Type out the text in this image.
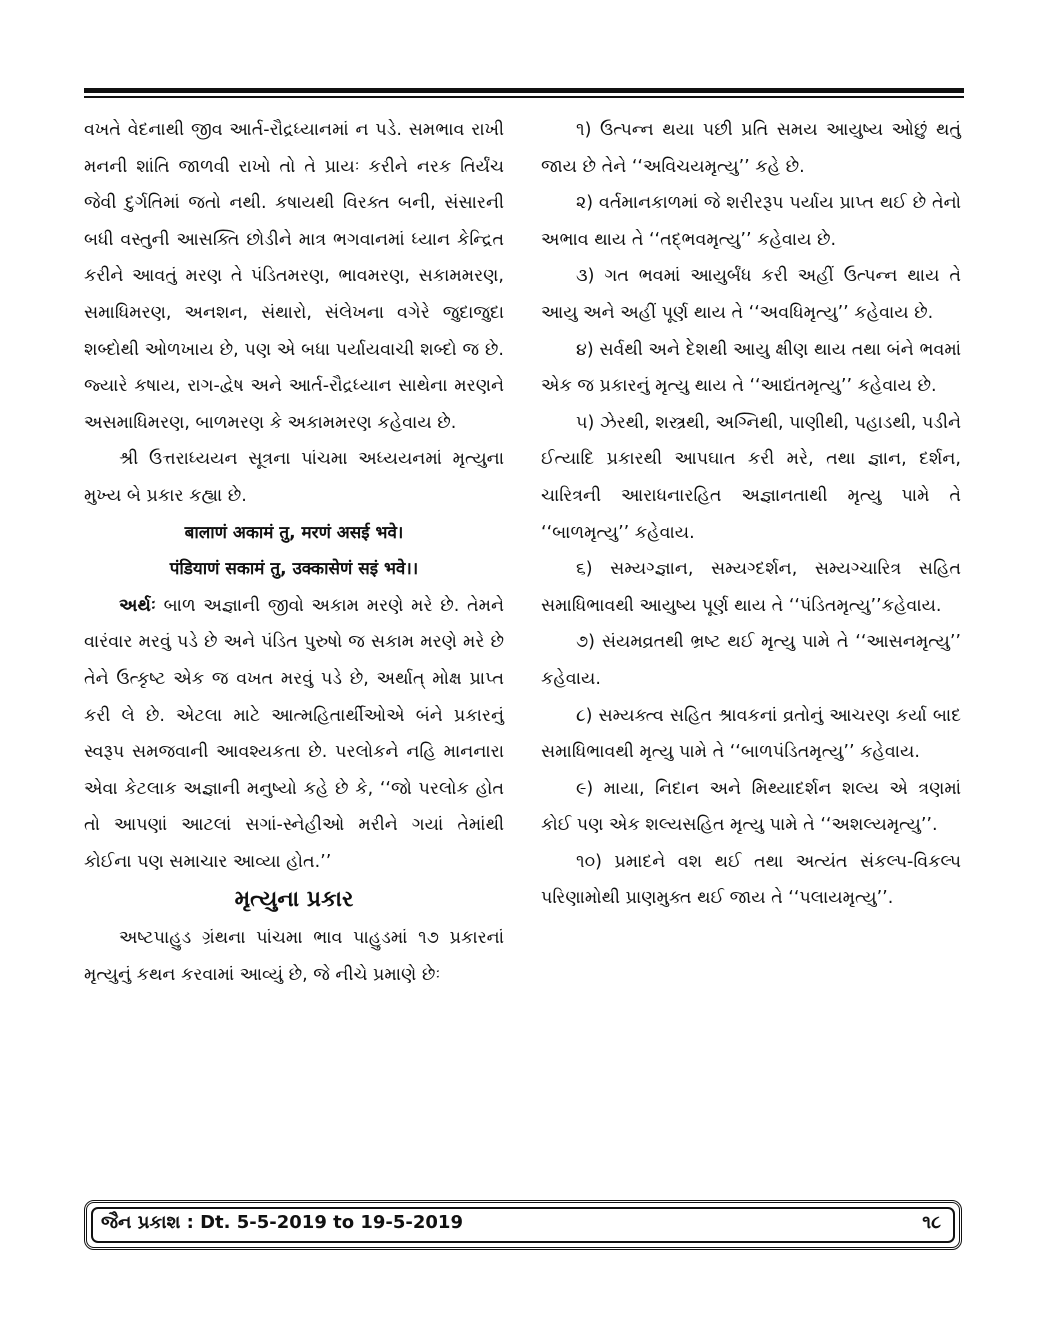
વખતે વેદનાથી જીવ આર્ત-રૌદ્રધ્યાનમાં ન પડે. સમભાવ રાખી મનની શાંતિ જાળવી રાખો તો તે પ્રાયઃ કરીને નરક તિર્યંચ જેવી દુર્ગતિમાં જતો નથી. કષાયથી વિરક્ત બની, સંસારની બધી વસ્તુની આસક્તિ છોડીને માત્ર ભગવાનમાં ધ્યાન કેન્દ્રિત કરીને આવતું મરણ તે પંડિતમરણ, ભાવમરણ, સકામમરણ, સમાધિમરણ, અનશન, સંથારો, સંલેખના વગેરે જુદાજુદા શબ્દોથી ઓળખાય છે, પણ એ બધા પર્યાયવાચી શબ્દો જ છે. જ્યારે કષાય, રાગ-દ્વેષ અને આર્ત-રૌદ્રધ્યાન સાથેના મરણને અસમાધિમરણ, બાળમરણ કે અકામમરણ કહેવાય છે.

શ્રી ઉત્તરાધ્યયન સૂત્રના પાંચમા અધ્યયનમાં મૃત્યુના મુખ્ય બે પ્રકાર કહ્યા છે.

बालाणं अकामं तु, मरणं असई भवे।

पंडियाणं सकामं तु, उक्कासेणं सइं भवे।।

અર્થઃ બાળ અજ્ઞાની જીવો અકામ મરણે મરે છે. તેમને વારંવાર મરવું પડે છે અને પંડિત પુરુષો જ સકામ મરણે મરે છે તેને ઉત્કૃષ્ટ એક જ વખત મરવું પડે છે, અર્થાત્ મોક્ષ પ્રાપ્ત કરી લે છે. એટલા માટે આત્મહિતાર્થીઓએ બંને પ્રકારનું સ્વરૂપ સમજવાની આવશ્યકતા છે. પરલોકને નહિ માનનારા એવા કેટલાક અજ્ઞાની મનુષ્યો કહે છે કે, ‘‘જો પરલોક હોત તો આપણાં આટલાં સગાં-સ્નેહીઓ મરીને ગયાં તેમાંથી કોઈના પણ સમાચાર આવ્યા હોત.’’

મૃત્યુના પ્રકાર

અષ્ટપાહુડ ગ્રંથના પાંચમા ભાવ પાહુડમાં ૧૭ પ્રકારનાં મૃત્યુનું કથન કરવામાં આવ્યું છે, જે નીચે પ્રમાણે છેઃ

૧) ઉત્પન્ન થયા પછી પ્રતિ સમય આયુષ્ય ઓછું થતું જાય છે તેને ‘‘અવિચયમૃત્યુ’’ કહે છે.

૨) વર્તમાનકાળમાં જે શરીરરૂપ પર્યાય પ્રાપ્ત થઈ છે તેનો અભાવ થાય તે ‘‘તદ્ભવમૃત્યુ’’ કહેવાય છે.

૩) ગત ભવમાં આયુર્બંધ કરી અહીં ઉત્પન્ન થાય તે આયુ અને અહીં પૂર્ણ થાય તે ‘‘અવધિમૃત્યુ’’ કહેવાય છે.

૪) સર્વથી અને દેશથી આયુ ક્ષીણ થાય તથા બંને ભવમાં એક જ પ્રકારનું મૃત્યુ થાય તે ‘‘આદ્યંતમૃત્યુ’’ કહેવાય છે.

૫) ઝેરથી, શસ્ત્રથી, અગ્નિથી, પાણીથી, પહાડથી, પડીને ઈત્યાદિ પ્રકારથી આપઘાત કરી મરે, તથા જ્ઞાન, દર્શન, ચારિત્રની આરાધનારહિત અજ્ઞાનતાથી મૃત્યુ પામે તે ‘‘બાળમૃત્યુ’’ કહેવાય.

૬) સમ્યગ્જ્ઞાન, સમ્યગ્દર્શન, સમ્યગ્ચારિત્ર સહિત સમાધિભાવથી આયુષ્ય પૂર્ણ થાય તે ‘‘પંડિતમૃત્યુ’’કહેવાય.

૭) સંયમવ્રતથી ભ્રષ્ટ થઈ મૃત્યુ પામે તે ‘‘આસનમૃત્યુ’’ કહેવાય.

૮) સમ્યક્ત્વ સહિત શ્રાવકનાં વ્રતોનું આચરણ કર્યા બાદ સમાધિભાવથી મૃત્યુ પામે તે ‘‘બાળપંડિતમૃત્યુ’’ કહેવાય.

૯) માયા, નિદાન અને મિથ્યાદર્શન શલ્ય એ ત્રણમાં કોઈ પણ એક શલ્યસહિત મૃત્યુ પામે તે ‘‘અશલ્યમૃત્યુ’’.

૧૦) પ્રમાદને વશ થઈ તથા અત્યંત સંકલ્પ-વિકલ્પ પરિણામોથી પ્રાણમુક્ત થઈ જાય તે ‘‘પલાયમૃત્યુ’’.

જૈન પ્રકાશ : Dt. 5-5-2019 to 19-5-2019	૧૮
